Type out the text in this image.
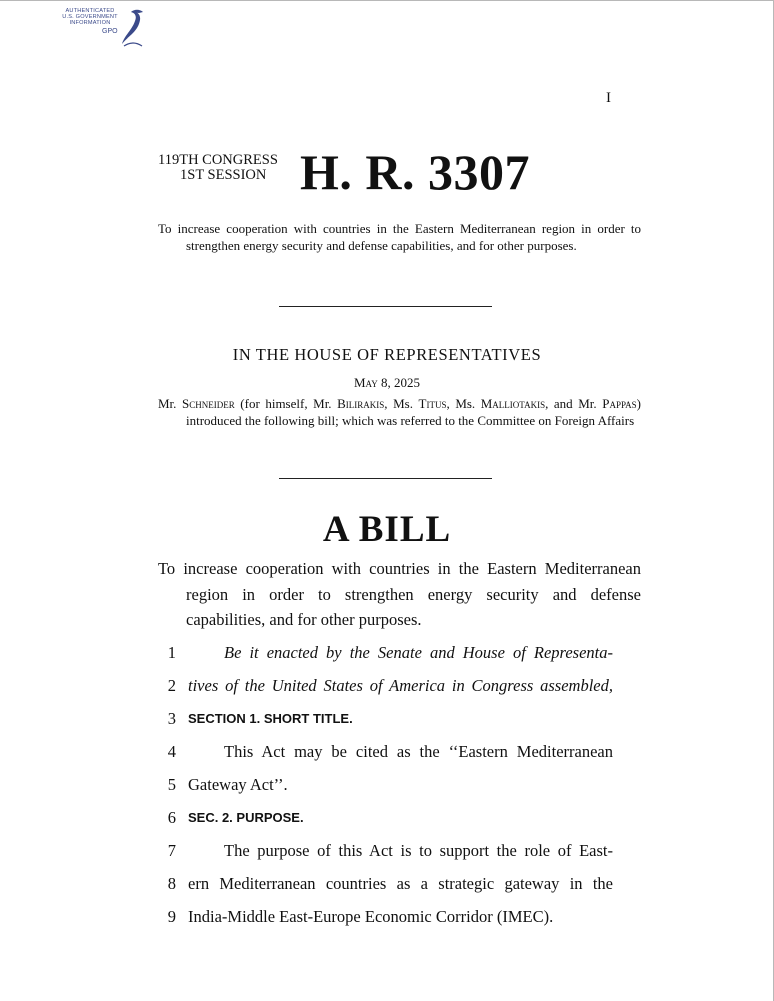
AUTHENTICATED
U.S. GOVERNMENT
INFORMATION
GPO
I
119TH CONGRESS
1ST SESSION H. R. 3307
To increase cooperation with countries in the Eastern Mediterranean region in order to strengthen energy security and defense capabilities, and for other purposes.
IN THE HOUSE OF REPRESENTATIVES
May 8, 2025
Mr. Schneider (for himself, Mr. Bilirakis, Ms. Titus, Ms. Malliotakis, and Mr. Pappas) introduced the following bill; which was referred to the Committee on Foreign Affairs
A BILL
To increase cooperation with countries in the Eastern Mediterranean region in order to strengthen energy security and defense capabilities, and for other purposes.
1	Be it enacted by the Senate and House of Representa-
2 tives of the United States of America in Congress assembled,
3 SECTION 1. SHORT TITLE.
4	This Act may be cited as the ‘‘Eastern Mediterranean
5 Gateway Act’’.
6 SEC. 2. PURPOSE.
7	The purpose of this Act is to support the role of East-
8 ern Mediterranean countries as a strategic gateway in the
9 India-Middle East-Europe Economic Corridor (IMEC).
